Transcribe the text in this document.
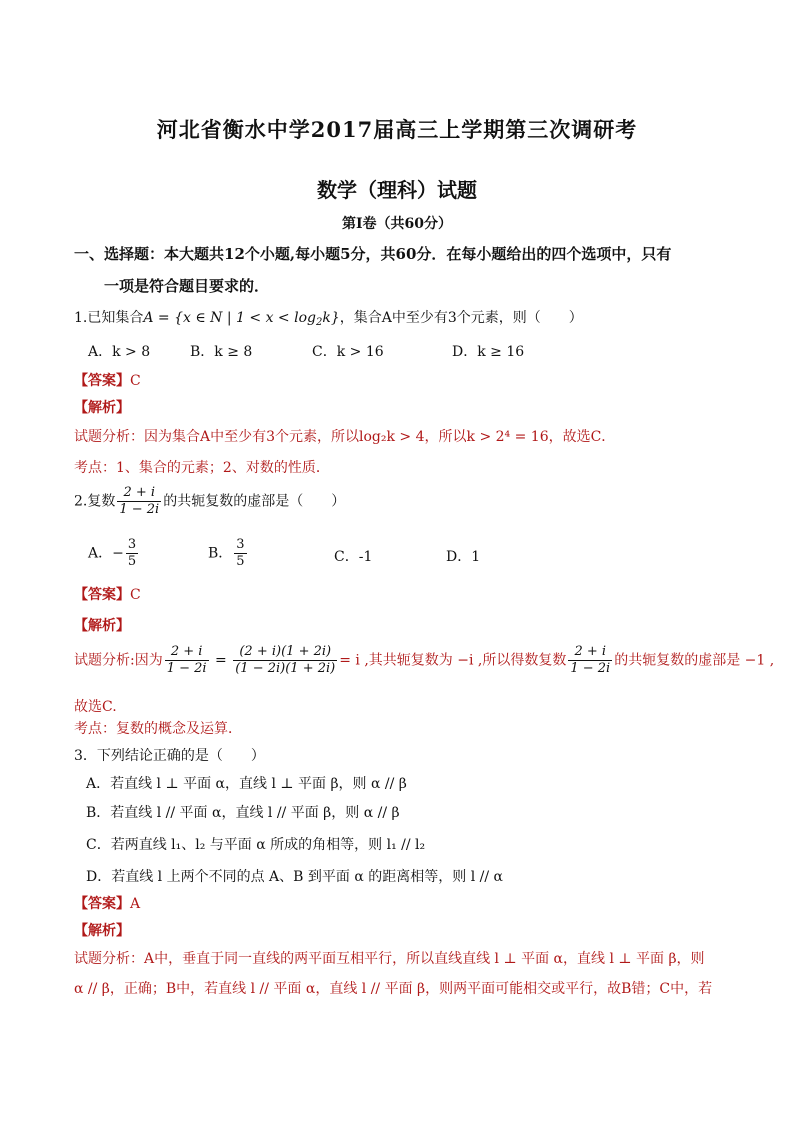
河北省衡水中学2017届高三上学期第三次调研考
数学（理科）试题
第Ⅰ卷（共60分）
一、选择题：本大题共12个小题,每小题5分，共60分．在每小题给出的四个选项中，只有
一项是符合题目要求的．
1.已知集合A = {x ∈ N | $1 < x < \log_2k$}，集合A中至少有3个元素，则（　　）
A．k > 8	B．k ≥ 8	C．k > 16	D．k ≥ 16
【答案】C
【解析】
试题分析：因为集合A中至少有3个元素，所以log₂k > 4，所以k > 2⁴ = 16，故选C．
考点：1、集合的元素；2、对数的性质．
2.复数 $\frac{2 + i}{1 - 2i}$ 的共轭复数的虚部是（　　）
A．− $\frac{3}{5}$	B． $\frac{3}{5}$	C．-1	D．1
【答案】C
【解析】
试题分析:因为 $\frac{2 + i}{1 - 2i} = \frac{(2 + i)(1 + 2i)}{(1 - 2i)(1 + 2i)} = i$ ,其共轭复数为 −i ,所以得数复数 $\frac{2 + i}{1 - 2i}$ 的共轭复数的虚部是 −1 ,
故选C.
考点：复数的概念及运算．
3．下列结论正确的是（　　）
A．若直线 l ⊥ 平面 α，直线 l ⊥ 平面 β，则 α // β
B．若直线 l // 平面 α，直线 l // 平面 β，则 α // β
C．若两直线 l₁、l₂ 与平面 α 所成的角相等，则 l₁ // l₂
D．若直线 l 上两个不同的点 A、B 到平面 α 的距离相等，则 l // α
【答案】A
【解析】
试题分析：A中，垂直于同一直线的两平面互相平行，所以直线直线 l ⊥ 平面 α，直线 l ⊥ 平面 β，则
α // β，正确；B中，若直线 l // 平面 α，直线 l // 平面 β，则两平面可能相交或平行，故B错；C中，若
